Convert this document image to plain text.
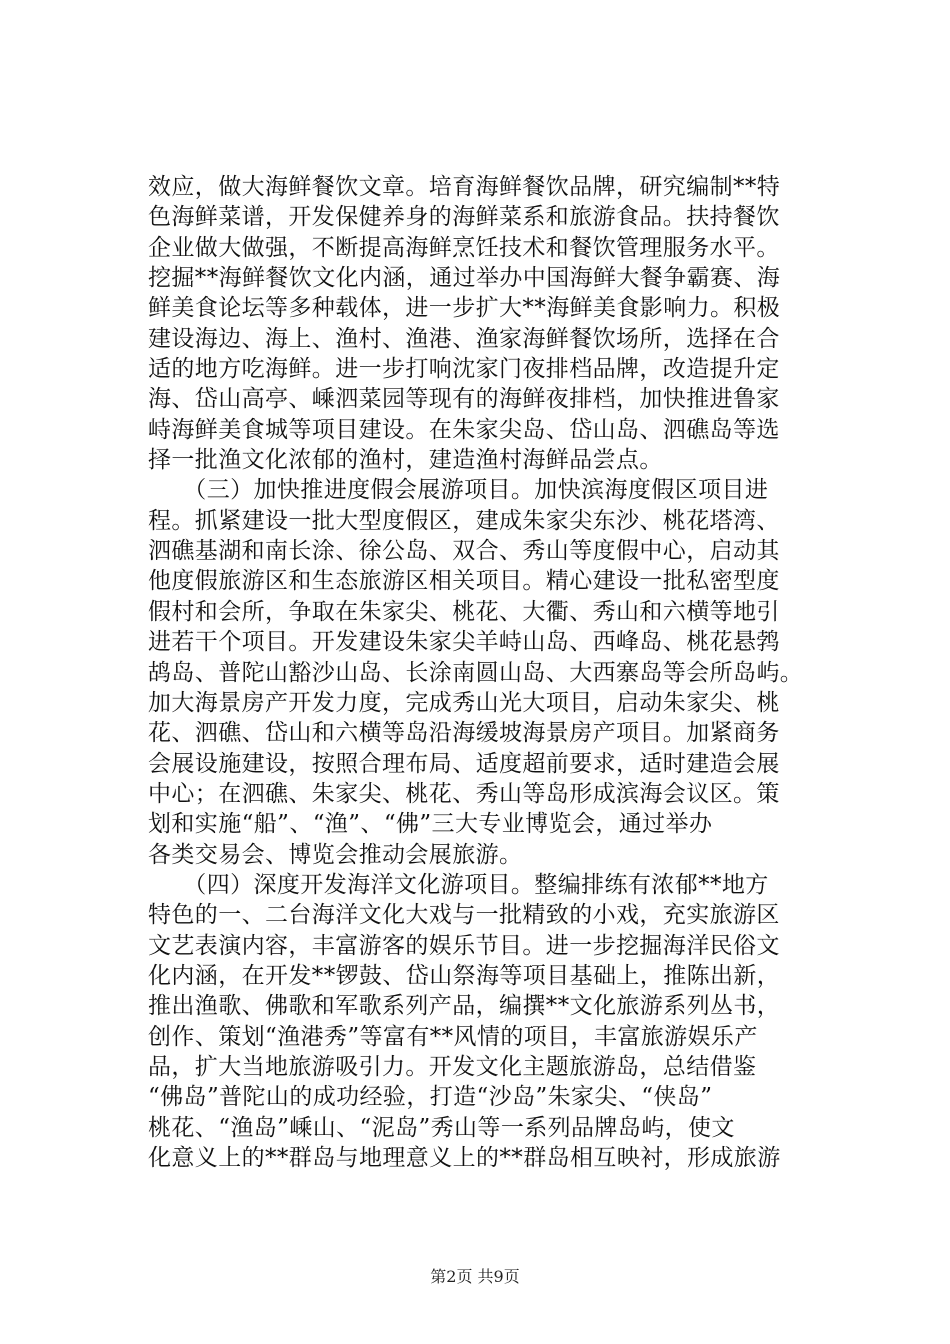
效应，做大海鲜餐饮文章。培育海鲜餐饮品牌，研究编制**特
色海鲜菜谱，开发保健养身的海鲜菜系和旅游食品。扶持餐饮
企业做大做强，不断提高海鲜烹饪技术和餐饮管理服务水平。
挖掘**海鲜餐饮文化内涵，通过举办中国海鲜大餐争霸赛、海
鲜美食论坛等多种载体，进一步扩大**海鲜美食影响力。积极
建设海边、海上、渔村、渔港、渔家海鲜餐饮场所，选择在合
适的地方吃海鲜。进一步打响沈家门夜排档品牌，改造提升定
海、岱山高亭、嵊泗菜园等现有的海鲜夜排档，加快推进鲁家
峙海鲜美食城等项目建设。在朱家尖岛、岱山岛、泗礁岛等选
择一批渔文化浓郁的渔村，建造渔村海鲜品尝点。
　　（三）加快推进度假会展游项目。加快滨海度假区项目进
程。抓紧建设一批大型度假区，建成朱家尖东沙、桃花塔湾、
泗礁基湖和南长涂、徐公岛、双合、秀山等度假中心，启动其
他度假旅游区和生态旅游区相关项目。精心建设一批私密型度
假村和会所，争取在朱家尖、桃花、大衢、秀山和六横等地引
进若干个项目。开发建设朱家尖羊峙山岛、西峰岛、桃花悬鹁
鸪岛、普陀山豁沙山岛、长涂南圆山岛、大西寨岛等会所岛屿。
加大海景房产开发力度，完成秀山光大项目，启动朱家尖、桃
花、泗礁、岱山和六横等岛沿海缓坡海景房产项目。加紧商务
会展设施建设，按照合理布局、适度超前要求，适时建造会展
中心；在泗礁、朱家尖、桃花、秀山等岛形成滨海会议区。策
划和实施“船”、“渔”、“佛”三大专业博览会，通过举办
各类交易会、博览会推动会展旅游。
　　（四）深度开发海洋文化游项目。整编排练有浓郁**地方
特色的一、二台海洋文化大戏与一批精致的小戏，充实旅游区
文艺表演内容，丰富游客的娱乐节目。进一步挖掘海洋民俗文
化内涵，在开发**锣鼓、岱山祭海等项目基础上，推陈出新，
推出渔歌、佛歌和军歌系列产品，编撰**文化旅游系列丛书，
创作、策划“渔港秀”等富有**风情的项目，丰富旅游娱乐产
品，扩大当地旅游吸引力。开发文化主题旅游岛，总结借鉴
“佛岛”普陀山的成功经验，打造“沙岛”朱家尖、“侠岛”
桃花、“渔岛”嵊山、“泥岛”秀山等一系列品牌岛屿，使文
化意义上的**群岛与地理意义上的**群岛相互映衬，形成旅游
第2页 共9页
